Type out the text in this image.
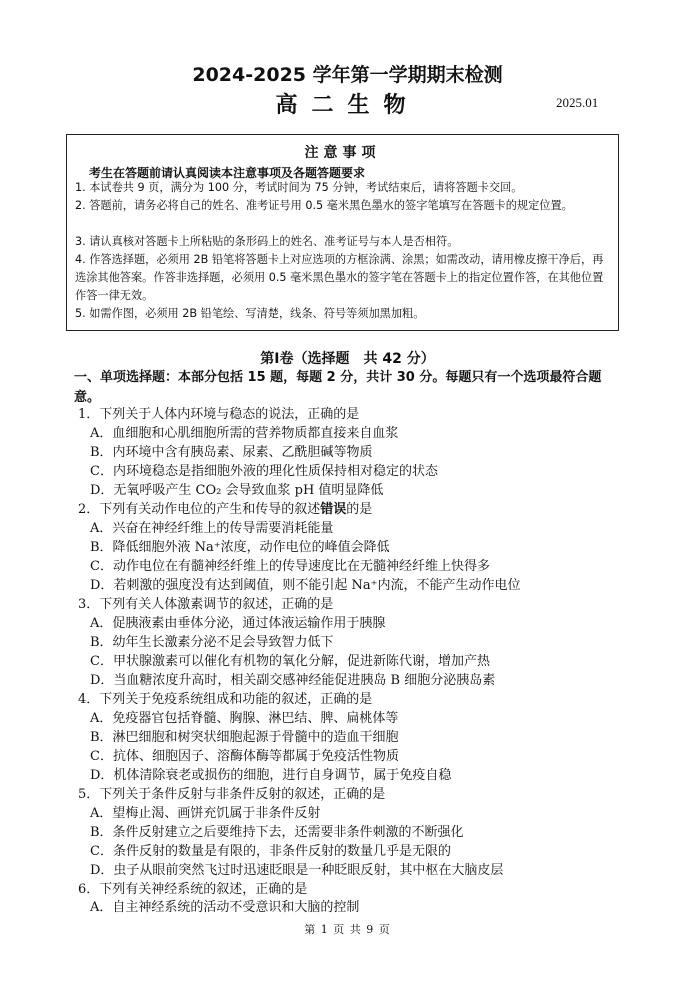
2024-2025 学年第一学期期末检测
高二生物	2025.01
注意事项
考生在答题前请认真阅读本注意事项及各题答题要求
1. 本试卷共 9 页，满分为 100 分，考试时间为 75 分钟，考试结束后，请将答题卡交回。
2. 答题前，请务必将自己的姓名、准考证号用 0.5 毫米黑色墨水的签字笔填写在答题卡的规定位置。
3. 请认真核对答题卡上所粘贴的条形码上的姓名、准考证号与本人是否相符。
4. 作答选择题，必须用 2B 铅笔将答题卡上对应选项的方框涂满、涂黑；如需改动，请用橡皮擦干净后，再选涂其他答案。作答非选择题，必须用 0.5 毫米黑色墨水的签字笔在答题卡上的指定位置作答，在其他位置作答一律无效。
5. 如需作图，必须用 2B 铅笔绘、写清楚，线条、符号等须加黑加粗。
第Ⅰ卷（选择题　共 42 分）
一、单项选择题：本部分包括 15 题，每题 2 分，共计 30 分。每题只有一个选项最符合题意。
1．下列关于人体内环境与稳态的说法，正确的是
A．血细胞和心肌细胞所需的营养物质都直接来自血浆
B．内环境中含有胰岛素、尿素、乙酰胆碱等物质
C．内环境稳态是指细胞外液的理化性质保持相对稳定的状态
D．无氧呼吸产生 CO₂ 会导致血浆 pH 值明显降低
2．下列有关动作电位的产生和传导的叙述错误的是
A．兴奋在神经纤维上的传导需要消耗能量
B．降低细胞外液 Na⁺浓度，动作电位的峰值会降低
C．动作电位在有髓神经纤维上的传导速度比在无髓神经纤维上快得多
D．若刺激的强度没有达到阈值，则不能引起 Na⁺内流，不能产生动作电位
3．下列有关人体激素调节的叙述，正确的是
A．促胰液素由垂体分泌，通过体液运输作用于胰腺
B．幼年生长激素分泌不足会导致智力低下
C．甲状腺激素可以催化有机物的氧化分解，促进新陈代谢，增加产热
D．当血糖浓度升高时，相关副交感神经能促进胰岛 B 细胞分泌胰岛素
4．下列关于免疫系统组成和功能的叙述，正确的是
A．免疫器官包括脊髓、胸腺、淋巴结、脾、扁桃体等
B．淋巴细胞和树突状细胞起源于骨髓中的造血干细胞
C．抗体、细胞因子、溶酶体酶等都属于免疫活性物质
D．机体清除衰老或损伤的细胞，进行自身调节，属于免疫自稳
5．下列关于条件反射与非条件反射的叙述，正确的是
A．望梅止渴、画饼充饥属于非条件反射
B．条件反射建立之后要维持下去，还需要非条件刺激的不断强化
C．条件反射的数量是有限的，非条件反射的数量几乎是无限的
D．虫子从眼前突然飞过时迅速眨眼是一种眨眼反射，其中枢在大脑皮层
6．下列有关神经系统的叙述，正确的是
A．自主神经系统的活动不受意识和大脑的控制
第 1 页 共 9 页
